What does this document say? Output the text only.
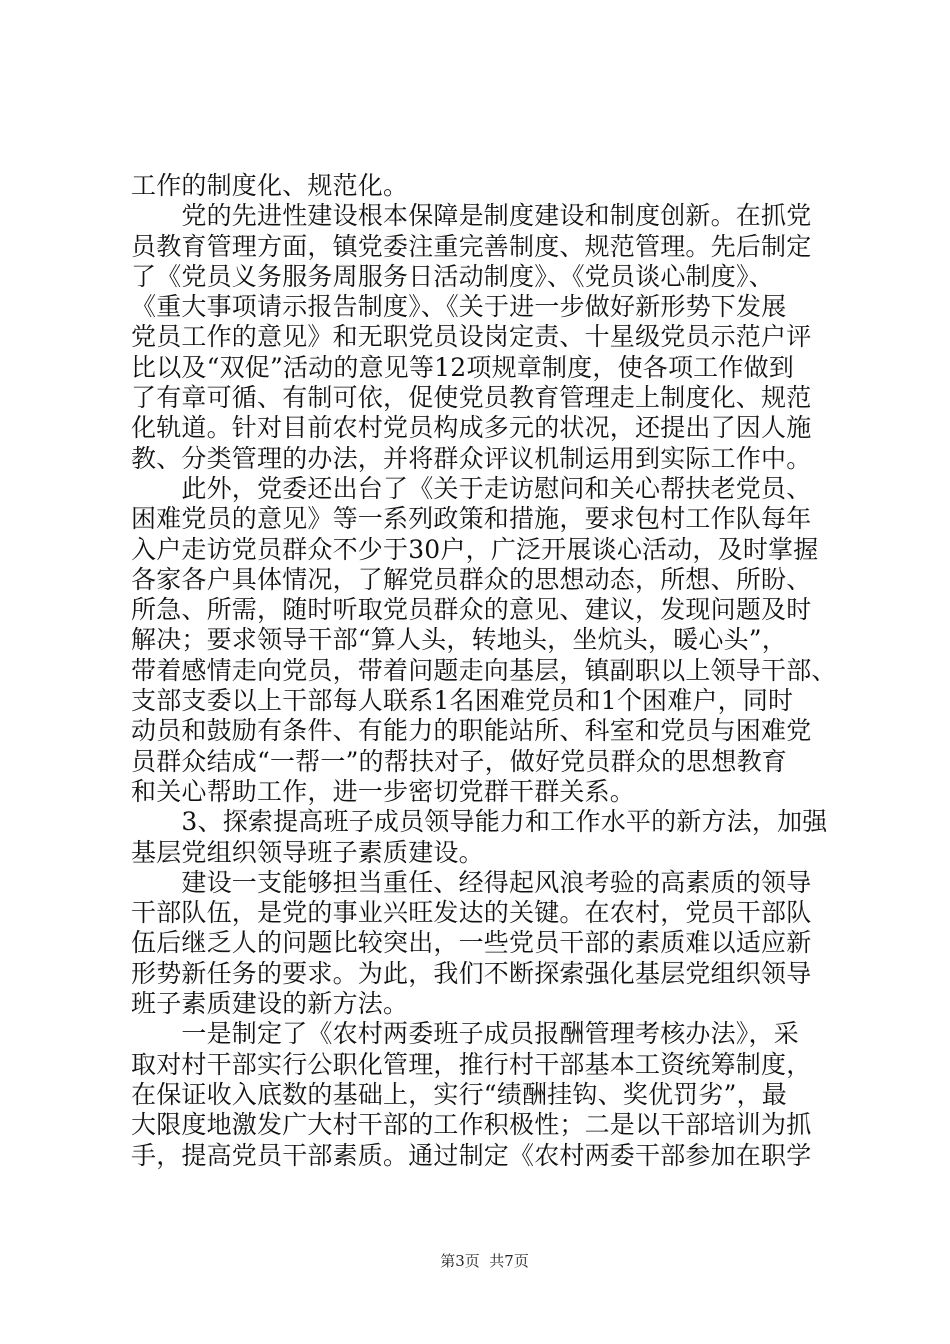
工作的制度化、规范化。
　　党的先进性建设根本保障是制度建设和制度创新。在抓党
员教育管理方面，镇党委注重完善制度、规范管理。先后制定
了《党员义务服务周服务日活动制度》、《党员谈心制度》、
《重大事项请示报告制度》、《关于进一步做好新形势下发展
党员工作的意见》和无职党员设岗定责、十星级党员示范户评
比以及“双促”活动的意见等12项规章制度，使各项工作做到
了有章可循、有制可依，促使党员教育管理走上制度化、规范
化轨道。针对目前农村党员构成多元的状况，还提出了因人施
教、分类管理的办法，并将群众评议机制运用到实际工作中。
　　此外，党委还出台了《关于走访慰问和关心帮扶老党员、
困难党员的意见》等一系列政策和措施，要求包村工作队每年
入户走访党员群众不少于30户，广泛开展谈心活动，及时掌握
各家各户具体情况，了解党员群众的思想动态，所想、所盼、
所急、所需，随时听取党员群众的意见、建议，发现问题及时
解决；要求领导干部“算人头，转地头，坐炕头，暖心头”，
带着感情走向党员，带着问题走向基层，镇副职以上领导干部、
支部支委以上干部每人联系1名困难党员和1个困难户，同时
动员和鼓励有条件、有能力的职能站所、科室和党员与困难党
员群众结成“一帮一”的帮扶对子，做好党员群众的思想教育
和关心帮助工作，进一步密切党群干群关系。
　　3、探索提高班子成员领导能力和工作水平的新方法，加强
基层党组织领导班子素质建设。
　　建设一支能够担当重任、经得起风浪考验的高素质的领导
干部队伍，是党的事业兴旺发达的关键。在农村，党员干部队
伍后继乏人的问题比较突出，一些党员干部的素质难以适应新
形势新任务的要求。为此，我们不断探索强化基层党组织领导
班子素质建设的新方法。
　　一是制定了《农村两委班子成员报酬管理考核办法》，采
取对村干部实行公职化管理，推行村干部基本工资统筹制度，
在保证收入底数的基础上，实行“绩酬挂钩、奖优罚劣”，最
大限度地激发广大村干部的工作积极性；二是以干部培训为抓
手，提高党员干部素质。通过制定《农村两委干部参加在职学

第3页  共7页
